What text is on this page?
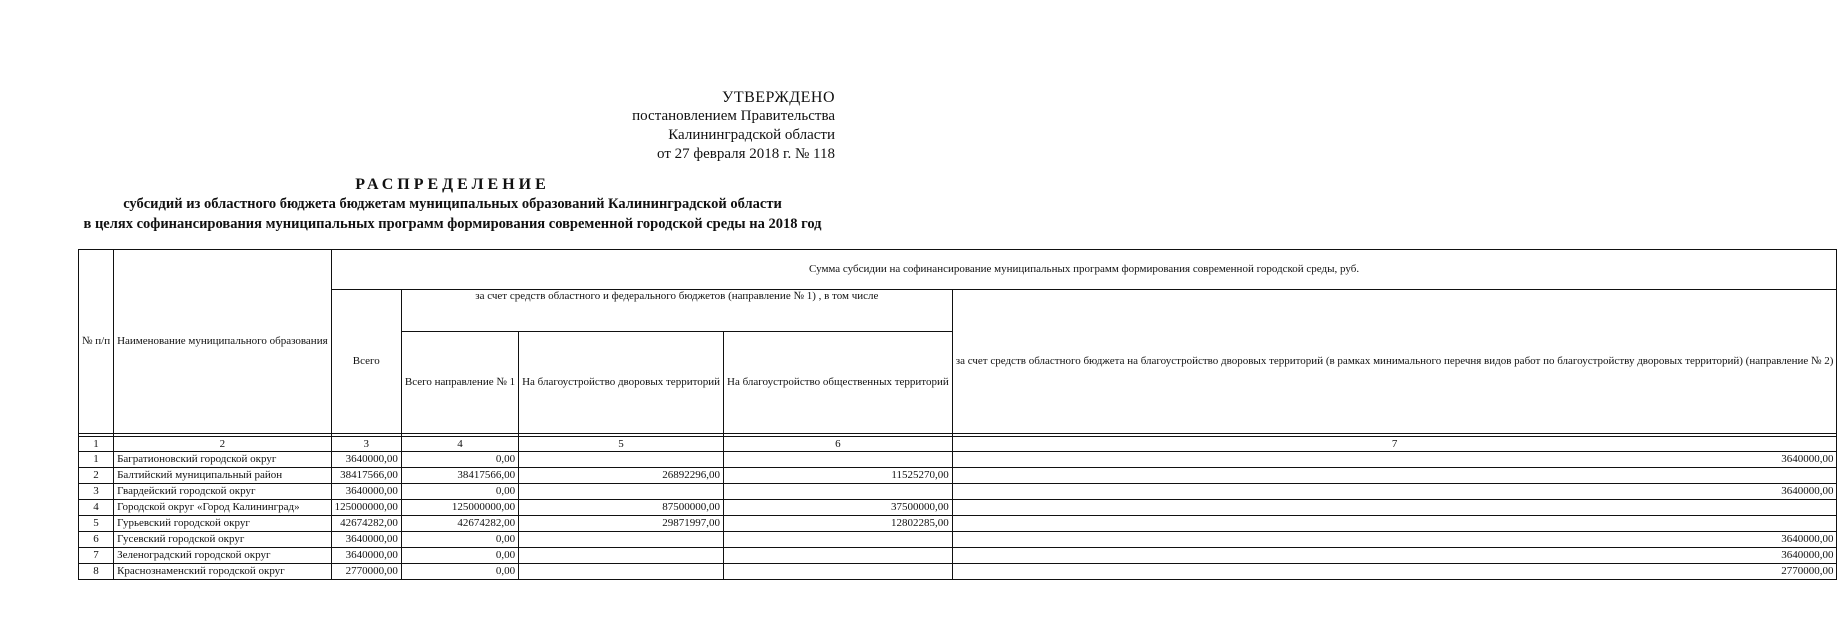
УТВЕРЖДЕНО
постановлением Правительства
Калининградской области
от 27 февраля 2018 г. № 118
РАСПРЕДЕЛЕНИЕ
субсидий из областного бюджета бюджетам муниципальных образований Калининградской области
в целях софинансирования муниципальных программ формирования современной городской среды на 2018 год
№ п/п	Наименование муниципального образования	Сумма субсидии на софинансирование муниципальных программ формирования современной городской среды, руб.				
		Всего	за счет средств областного и федерального бюджетов (направление № 1) , в том числе			за счет средств областного бюджета на благоустройство дворовых территорий (в рамках минимального перечня видов работ по благоустройству дворовых территорий) (направление № 2)
			Всего направление № 1	На благоустройство дворовых территорий	На благоустройство общественных территорий	

1	2	3	4	5	6	7
1	Багратионовский городской округ	3640000,00	0,00			3640000,00
2	Балтийский муниципальный район	38417566,00	38417566,00	26892296,00	11525270,00	
3	Гвардейский городской округ	3640000,00	0,00			3640000,00
4	Городской округ «Город Калининград»	125000000,00	125000000,00	87500000,00	37500000,00	
5	Гурьевский городской округ	42674282,00	42674282,00	29871997,00	12802285,00	
6	Гусевский городской округ	3640000,00	0,00			3640000,00
7	Зеленоградский городской округ	3640000,00	0,00			3640000,00
8	Краснознаменский городской округ	2770000,00	0,00			2770000,00
